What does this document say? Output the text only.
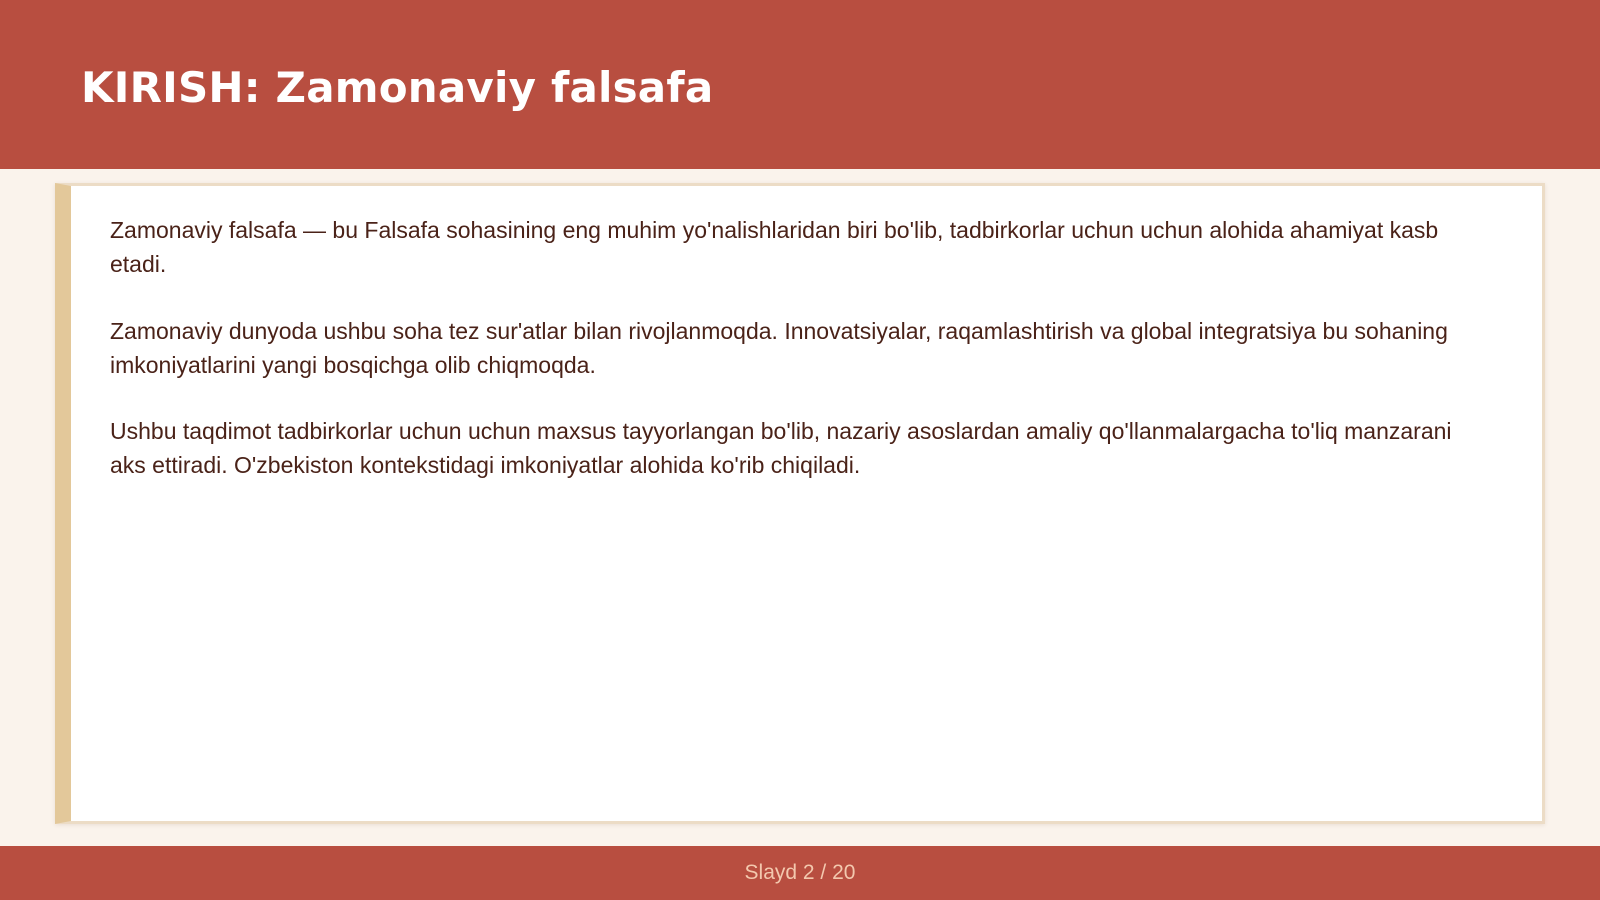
KIRISH: Zamonaviy falsafa

Zamonaviy falsafa — bu Falsafa sohasining eng muhim yo'nalishlaridan biri bo'lib, tadbirkorlar uchun uchun alohida ahamiyat kasb etadi.

Zamonaviy dunyoda ushbu soha tez sur'atlar bilan rivojlanmoqda. Innovatsiyalar, raqamlashtirish va global integratsiya bu sohaning imkoniyatlarini yangi bosqichga olib chiqmoqda.

Ushbu taqdimot tadbirkorlar uchun uchun maxsus tayyorlangan bo'lib, nazariy asoslardan amaliy qo'llanmalargacha to'liq manzarani aks ettiradi. O'zbekiston kontekstidagi imkoniyatlar alohida ko'rib chiqiladi.

Slayd 2 / 20
